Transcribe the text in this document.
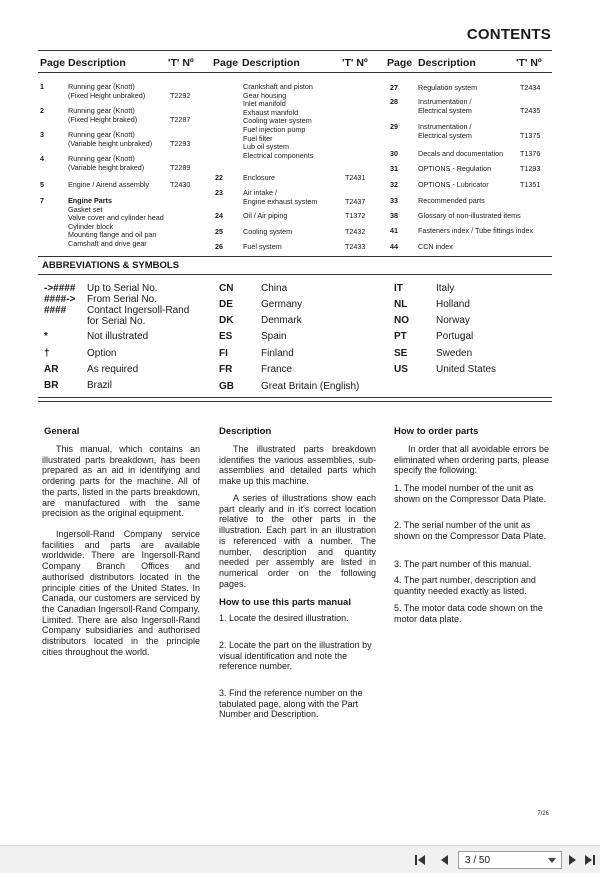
CONTENTS
Page Description	'T' Nº Page Description	'T' Nº Page Description	'T' Nº
1	Running gear (Knott)
(Fixed Height unbraked)	T2292
2	Running gear (Knott)
(Fixed Height braked)	T2287
3	Running gear (Knott)
(Variable height unbraked) T2293
4	Running gear (Knott)
(Variable height braked)	T2289
5	Engine / Airend assembly	T2430
7	Engine Parts
Gasket set
Valve cover and cylinder head
Cylinder block
Mounting flange and oil pan
Camshaft and drive gear
Crankshaft and piston
Gear housing
Inlet manifold
Exhaust manifold
Cooling water system
Fuel injection pump
Fuel filter
Lub oil system
Electrical components
22	Enclosure	T2431
23	Air intake /
Engine exhaust system	T2437
24	Oil / Air piping	T1372
25	Cooling system	T2432
26	Fuel system	T2433
27	Regulation system	T2434
28	Instrumentation /
Electrical system	T2435
29	Instrumentation /
Electrical system	T1375
30	Decals and documentation T1376
31	OPTIONS - Regulation	T1293
32	OPTIONS - Lubricator	T1351
33	Recommended parts
38	Glossary of non-illustrated items
41	Fasteners index / Tube fittings index
44	CCN index
ABBREVIATIONS & SYMBOLS
->#### Up to Serial No.
####-> From Serial No.
#### Contact Ingersoll-Rand
for Serial No.
*	Not illustrated
†	Option
AR	As required
BR	Brazil
CN	China
DE	Germany
DK	Denmark
ES	Spain
FI	Finland
FR	France
GB	Great Britain (English)
IT	Italy
NL	Holland
NO	Norway
PT	Portugal
SE	Sweden
US	United States
General

This manual, which contains an illustrated parts breakdown, has been prepared as an aid in identifying and ordering parts for the machine. All of the parts, listed in the parts breakdown, are manufactured with the same precision as the original equipment.

Ingersoll-Rand Company service facilities and parts are available worldwide. There are Ingersoll-Rand Company Branch Offices and authorised distributors located in the principle cities of the United States. In Canada, our customers are serviced by the Canadian Ingersoll-Rand Company, Limited. There are also Ingersoll-Rand Company subsidiaries and authorised distributors located in the principle cities throughout the world.

Description

The illustrated parts breakdown identifies the various assemblies, sub-assemblies and detailed parts which make up this machine.

A series of illustrations show each part clearly and in it's correct location relative to the other parts in the illustration. Each part in an illustration is referenced with a number. The number, description and quantity needed per assembly are listed in numerical order on the following pages.

How to use this parts manual

1. Locate the desired illustration.

2. Locate the part on the illustration by visual identification and note the reference number.

3. Find the reference number on the tabulated page, along with the Part Number and Description.

How to order parts

In order that all avoidable errors be eliminated when ordering parts, please specify the following:

1. The model number of the unit as shown on the Compressor Data Plate.

2. The serial number of the unit as shown on the Compressor Data Plate.

3. The part number of this manual.

4. The part number, description and quantity needed exactly as listed.

5. The motor data code shown on the motor data plate.

7/26
3 / 50
